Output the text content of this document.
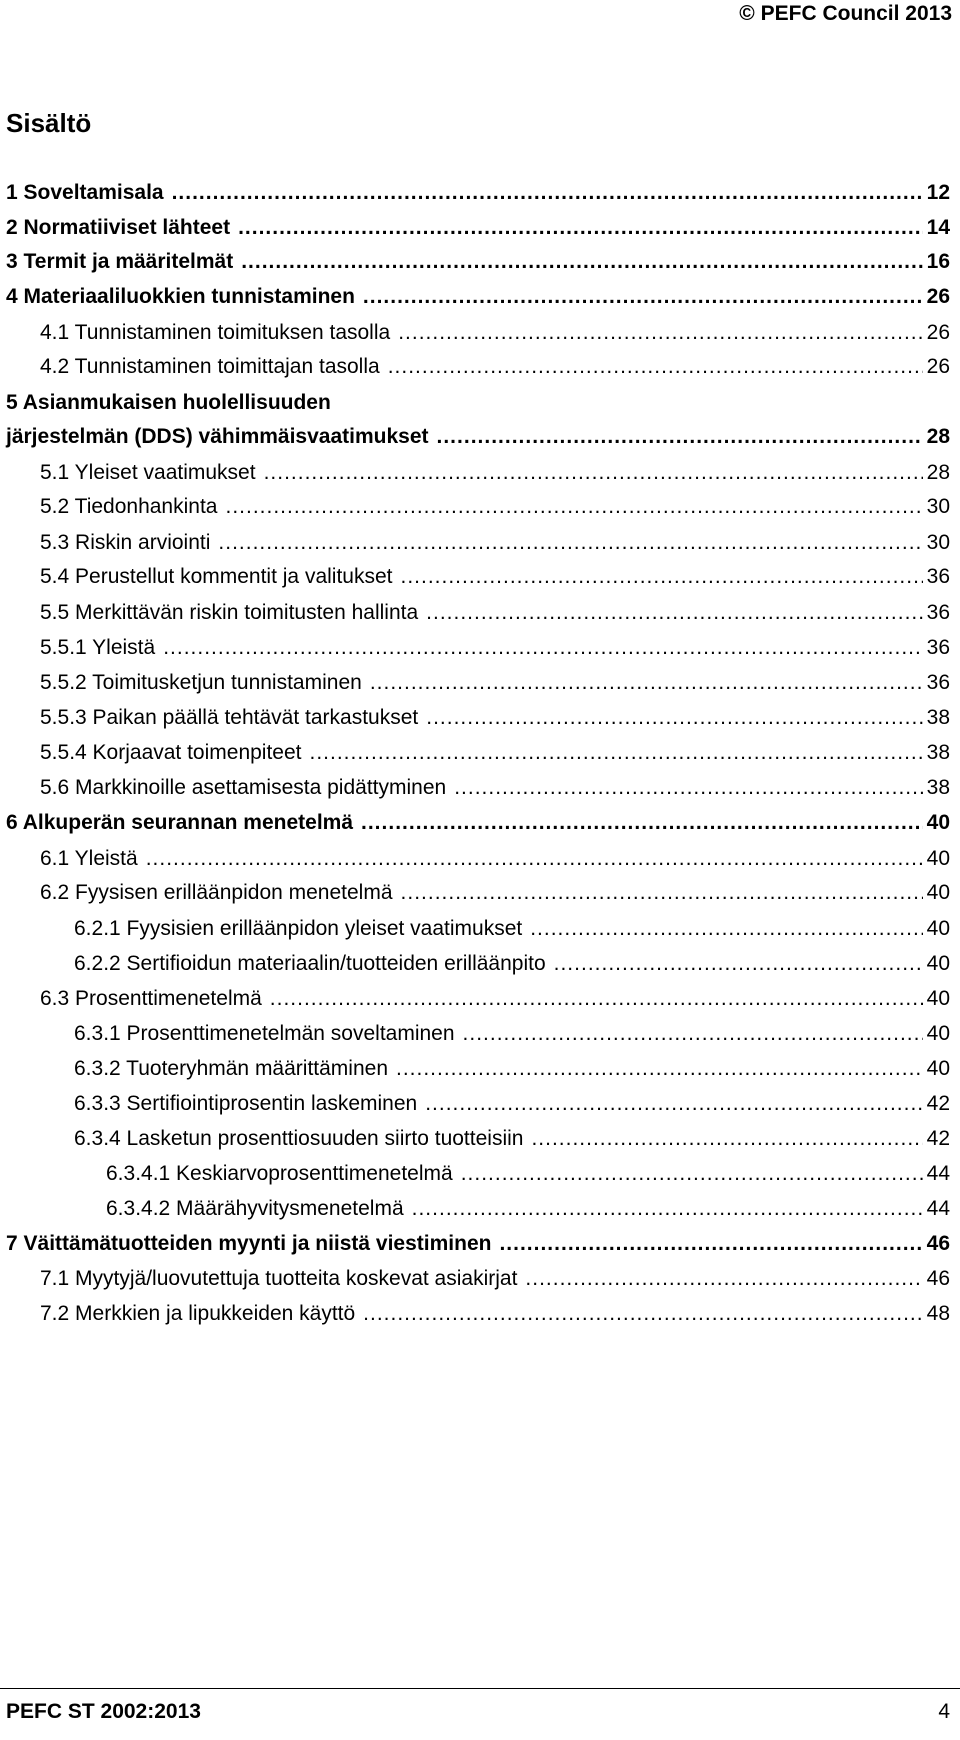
© PEFC Council 2013
Sisältö
1 Soveltamisala .....	12
2 Normatiiviset lähteet .....	14
3 Termit ja määritelmät .....	16
4 Materiaaliluokkien tunnistaminen .....	26
4.1 Tunnistaminen toimituksen tasolla .....	26
4.2 Tunnistaminen toimittajan tasolla .....	26
5 Asianmukaisen huolellisuuden
järjestelmän (DDS) vähimmäisvaatimukset .....	28
5.1 Yleiset vaatimukset .....	28
5.2 Tiedonhankinta .....	30
5.3 Riskin arviointi .....	30
5.4 Perustellut kommentit ja valitukset .....	36
5.5 Merkittävän riskin toimitusten hallinta .....	36
5.5.1 Yleistä .....	36
5.5.2 Toimitusketjun tunnistaminen .....	36
5.5.3 Paikan päällä tehtävät tarkastukset .....	38
5.5.4 Korjaavat toimenpiteet .....	38
5.6 Markkinoille asettamisesta pidättyminen .....	38
6 Alkuperän seurannan menetelmä .....	40
6.1 Yleistä .....	40
6.2 Fyysisen erilläänpidon menetelmä .....	40
6.2.1 Fyysisien erilläänpidon yleiset vaatimukset .....	40
6.2.2 Sertifioidun materiaalin/tuotteiden erilläänpito .....	40
6.3 Prosenttimenetelmä .....	40
6.3.1 Prosenttimenetelmän soveltaminen .....	40
6.3.2 Tuoteryhmän määrittäminen .....	40
6.3.3 Sertifiointiprosentin laskeminen .....	42
6.3.4 Lasketun prosenttiosuuden siirto tuotteisiin .....	42
6.3.4.1 Keskiarvoprosenttimenetelmä .....	44
6.3.4.2 Määrähyvitysmenetelmä .....	44
7 Väittämätuotteiden myynti ja niistä viestiminen .....	46
7.1 Myytyjä/luovutettuja tuotteita koskevat asiakirjat .....	46
7.2 Merkkien ja lipukkeiden käyttö .....	48
PEFC ST 2002:2013	4
